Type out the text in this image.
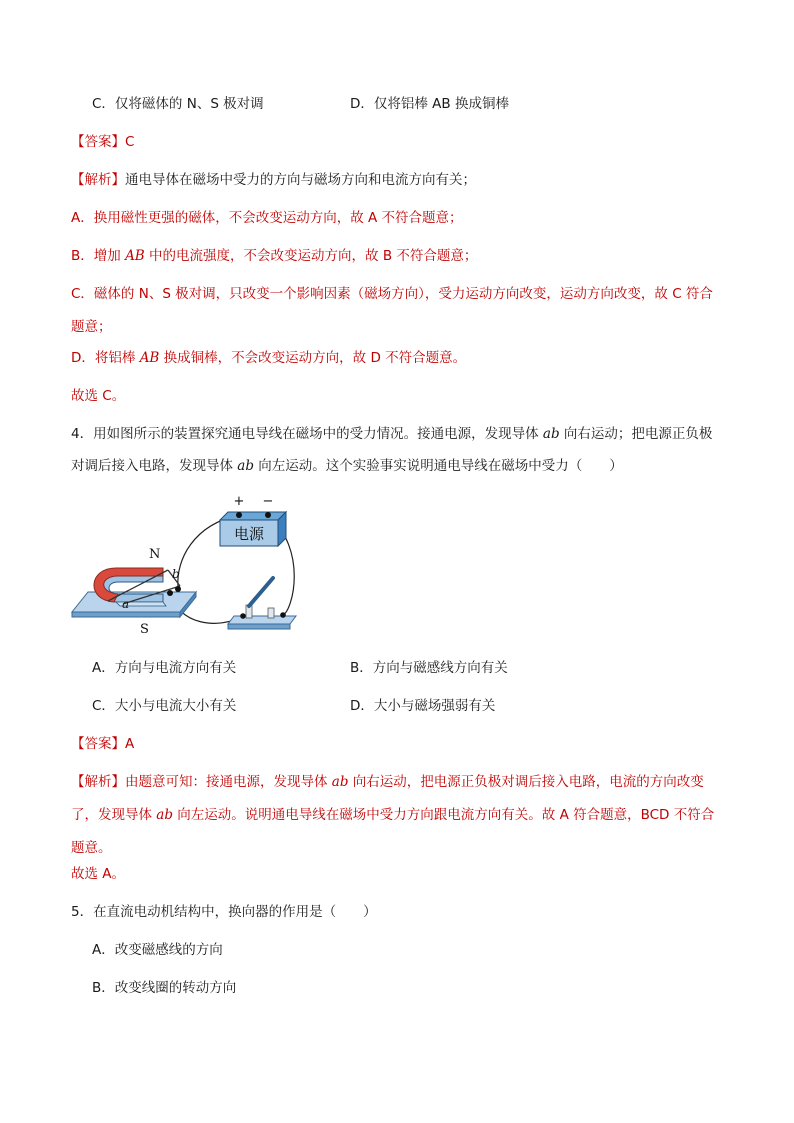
C．仅将磁体的 N、S 极对调	D．仅将铝棒 AB 换成铜棒
【答案】C
【解析】通电导体在磁场中受力的方向与磁场方向和电流方向有关；
A．换用磁性更强的磁体，不会改变运动方向，故 A 不符合题意；
B．增加 AB 中的电流强度，不会改变运动方向，故 B 不符合题意；
C．磁体的 N、S 极对调，只改变一个影响因素（磁场方向），受力运动方向改变，运动方向改变，故 C 符合题意；
D．将铝棒 AB 换成铜棒，不会改变运动方向，故 D 不符合题意。
故选 C。
4．用如图所示的装置探究通电导线在磁场中的受力情况。接通电源，发现导体 ab 向右运动；把电源正负极对调后接入电路，发现导体 ab 向左运动。这个实验事实说明通电导线在磁场中受力（　　）
电源
+ −
N
S
b
a
A．方向与电流方向有关	B．方向与磁感线方向有关
C．大小与电流大小有关	D．大小与磁场强弱有关
【答案】A
【解析】由题意可知：接通电源，发现导体 ab 向右运动，把电源正负极对调后接入电路，电流的方向改变了，发现导体 ab 向左运动。说明通电导线在磁场中受力方向跟电流方向有关。故 A 符合题意，BCD 不符合题意。
故选 A。
5．在直流电动机结构中，换向器的作用是（　　）
A．改变磁感线的方向
B．改变线圈的转动方向
